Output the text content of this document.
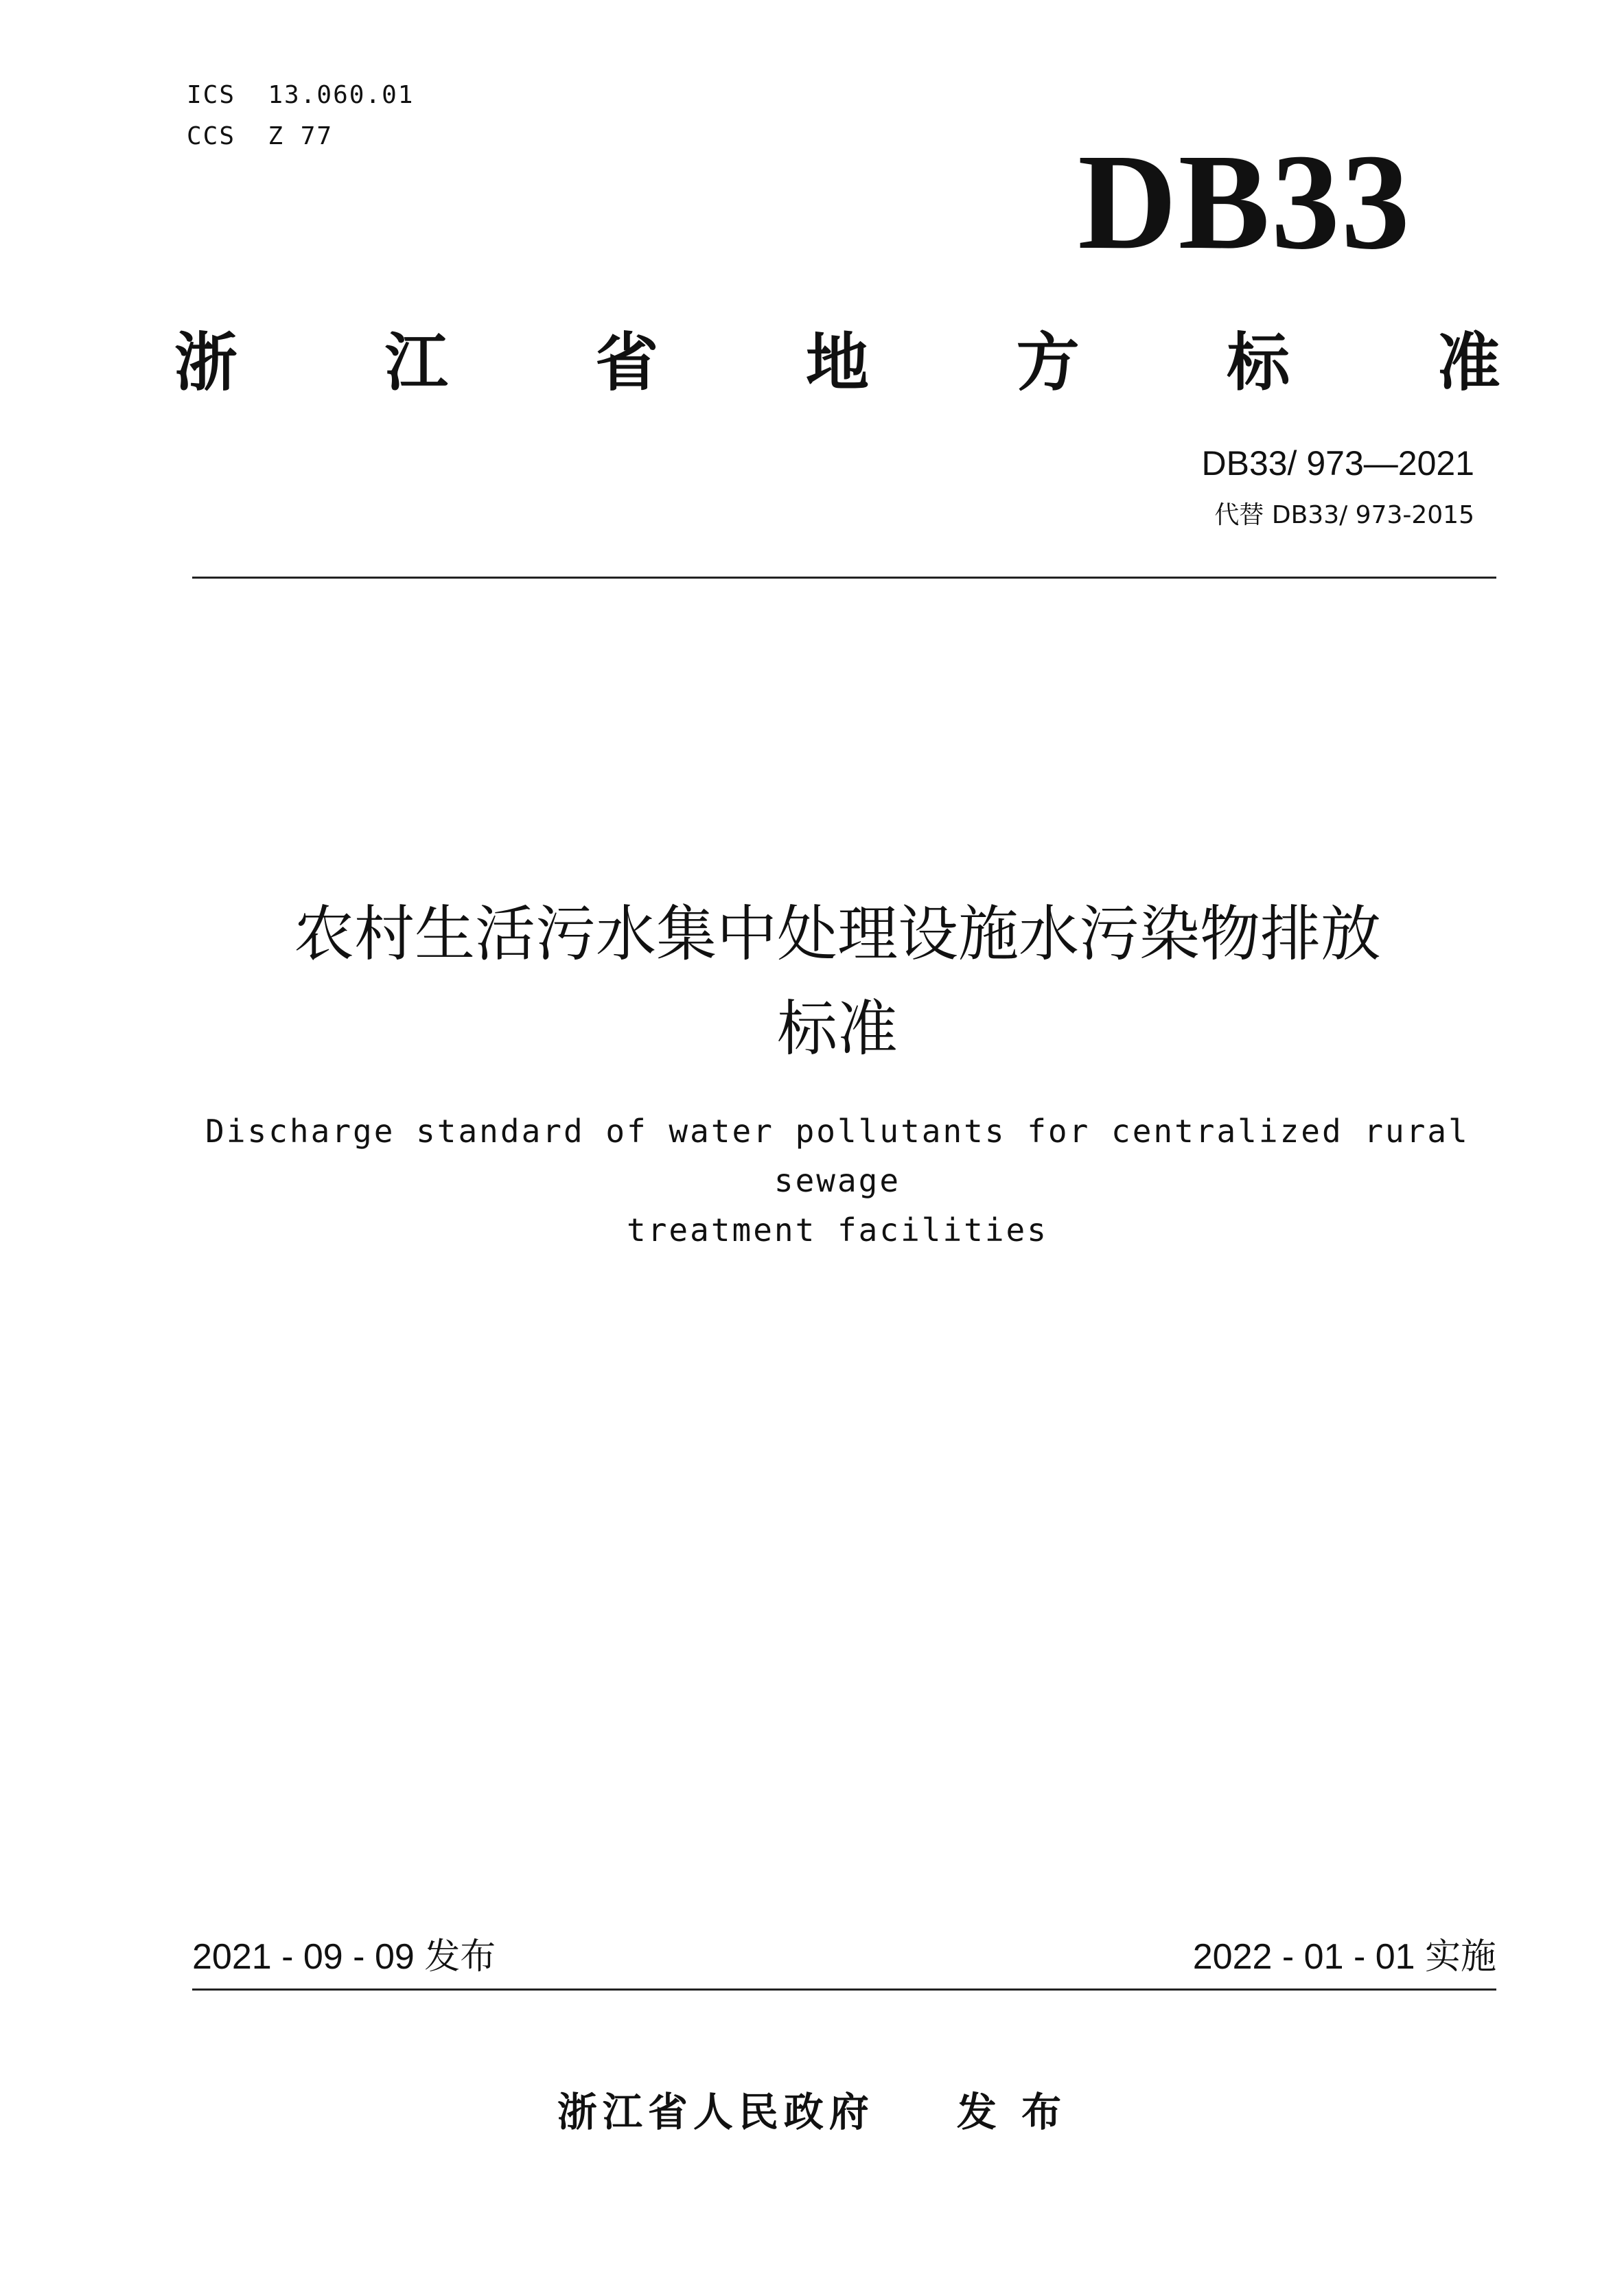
ICS  13.060.01
CCS  Z 77	DB33
浙 江 省 地 方 标 准
DB33/ 973—2021
代替 DB33/ 973-2015
农村生活污水集中处理设施水污染物排放
标准
Discharge standard of water pollutants for centralized rural sewage
treatment facilities
2021 - 09 - 09 发布	2022 - 01 - 01 实施
浙江省人民政府 发 布
